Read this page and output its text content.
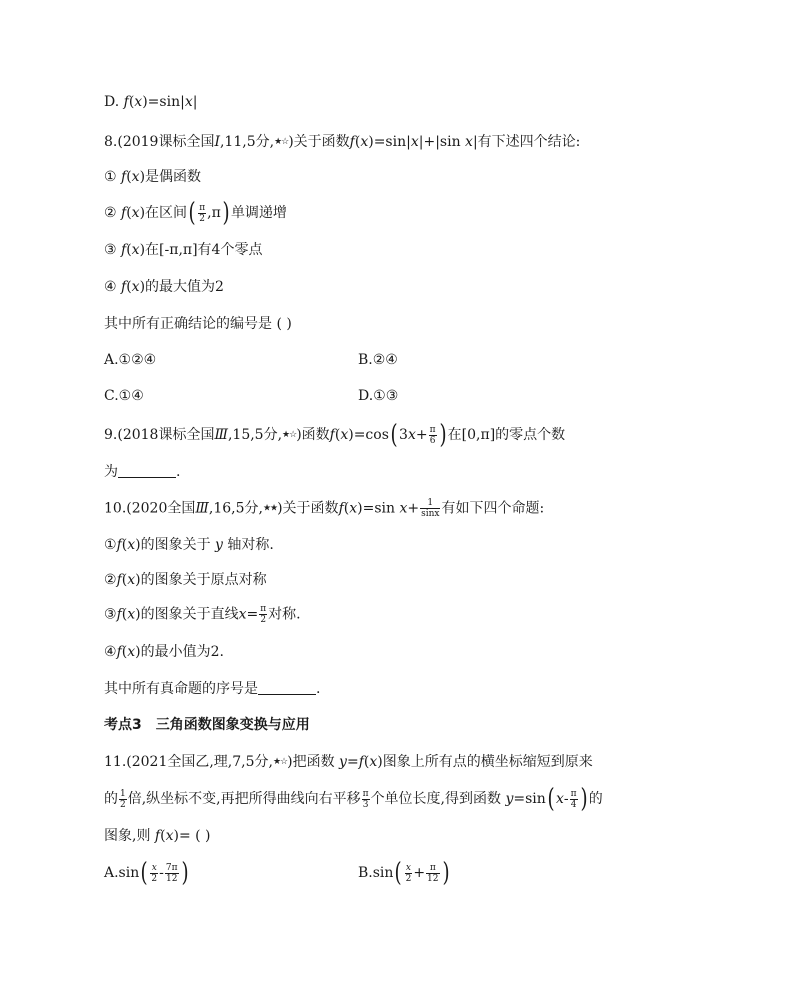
D. f(x)=sin|x|
8.(2019课标全国Ⅰ,11,5分,★☆)关于函数f(x)=sin|x|+|sin x|有下述四个结论:
① f(x)是偶函数
② f(x)在区间( $\frac{\pi}{2} ,\pi$) 单调递增
③ f(x)在[-π,π]有4个零点
④ f(x)的最大值为2
其中所有正确结论的编号是 ( )
A.①②④	B.②④
C.①④	D.①③
9.(2018课标全国Ⅲ,15,5分,★☆)函数f(x)=cos( $3x+ \frac{\pi}{6}$ ) 在[0,π]的零点个数
为	.
10.(2020全国Ⅲ,16,5分,★★)关于函数f(x)=sin $x+ \frac{1}{\sin x}$ 有如下四个命题:
①f(x)的图象关于 y 轴对称.
②f(x)的图象关于原点对称
③f(x)的图象关于直线$x= \frac{\pi}{2}$ 对称.
④f(x)的最小值为2.
其中所有真命题的序号是	.
考点3　三角函数图象变换与应用
11.(2021全国乙,理,7,5分,★☆)把函数 y=f(x)图象上所有点的横坐标缩短到原来
的 $\frac{1}{2}$ 倍,纵坐标不变,再把所得曲线向右平移 $\frac{\pi}{3}$ 个单位长度,得到函数 y=sin( $x- \frac{\pi}{4}$ ) 的
图象,则 f(x)= ( )
$A.\sin( \frac{x}{2} - \frac{7\pi}{12}$ )	$B.\sin( \frac{x}{2} + \frac{\pi}{12}$ )
